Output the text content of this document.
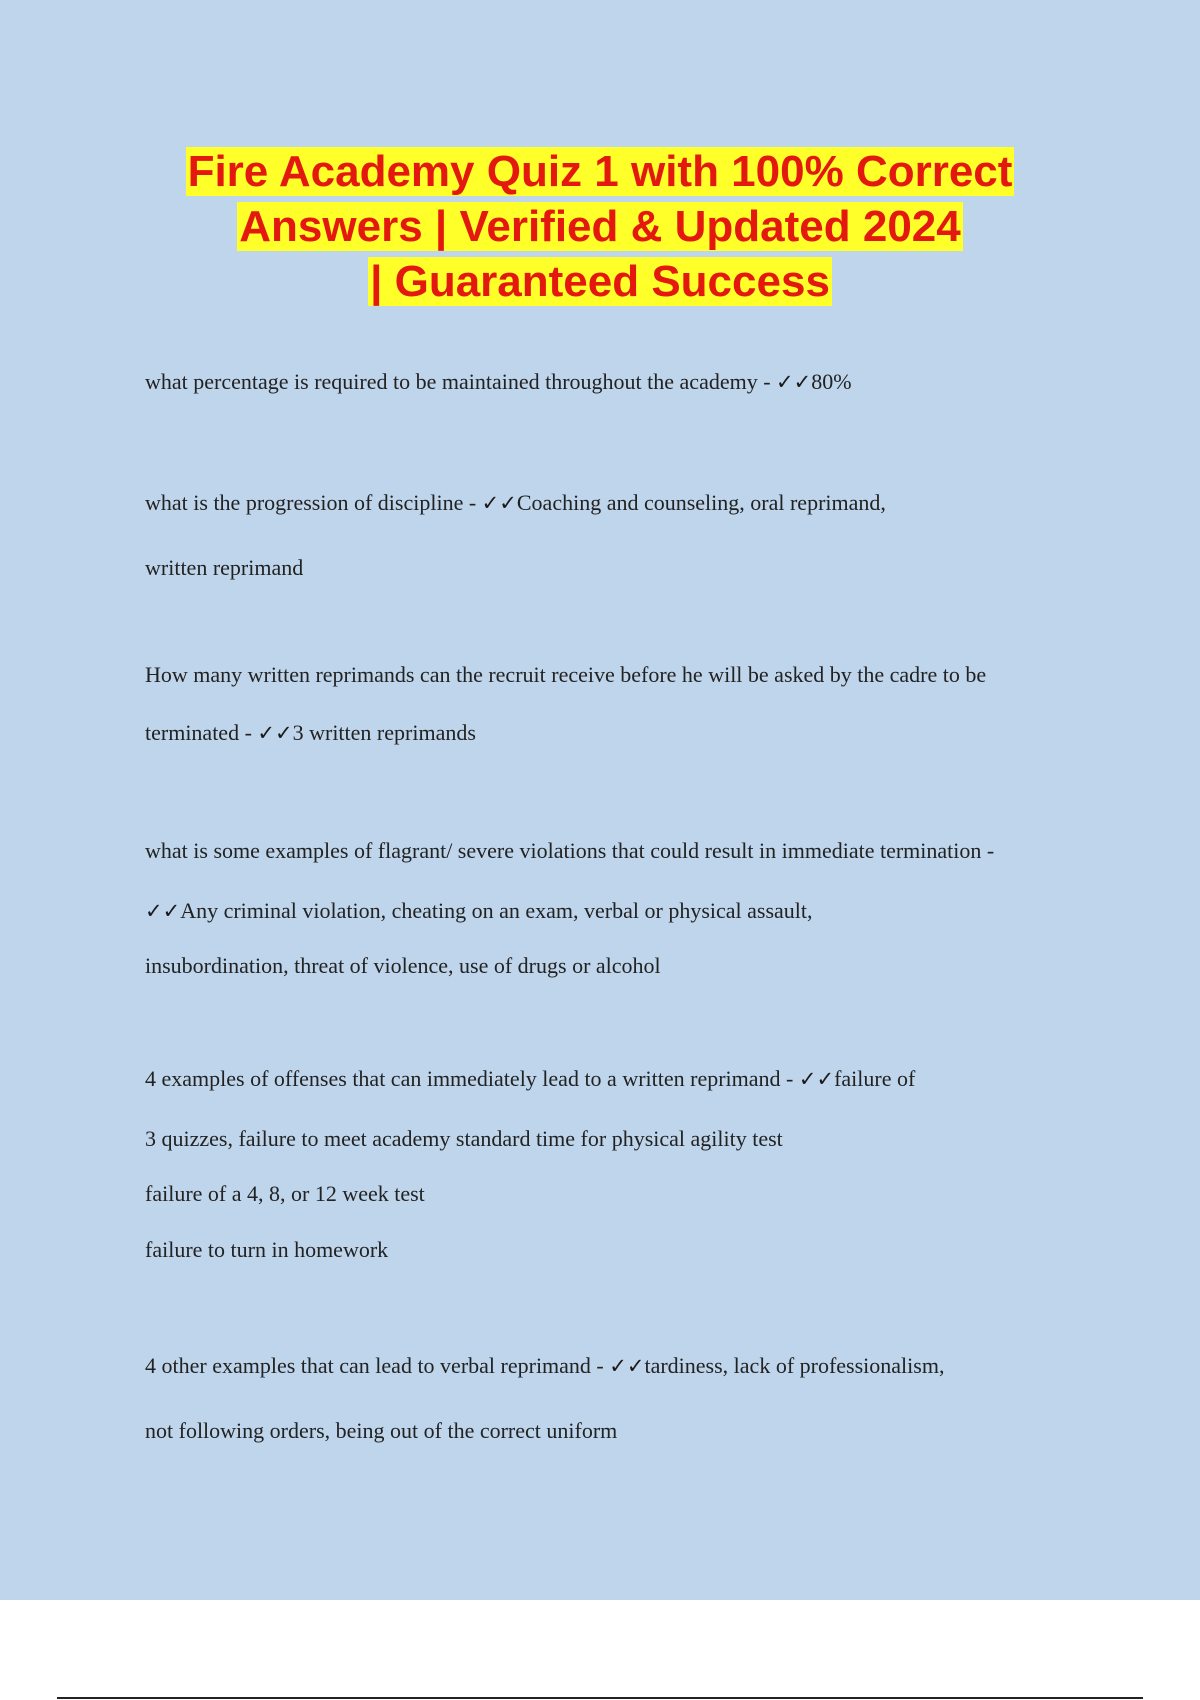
Fire Academy Quiz 1 with 100% Correct
Answers | Verified & Updated 2024
| Guaranteed Success
what percentage is required to be maintained throughout the academy - ✓✓80%
what is the progression of discipline - ✓✓Coaching and counseling, oral reprimand,
written reprimand
How many written reprimands can the recruit receive before he will be asked by the cadre to be
terminated - ✓✓3 written reprimands
what is some examples of flagrant/ severe violations that could result in immediate termination -
✓✓Any criminal violation, cheating on an exam, verbal or physical assault,
insubordination, threat of violence, use of drugs or alcohol
4 examples of offenses that can immediately lead to a written reprimand - ✓✓failure of
3 quizzes, failure to meet academy standard time for physical agility test
failure of a 4, 8, or 12 week test
failure to turn in homework
4 other examples that can lead to verbal reprimand - ✓✓tardiness, lack of professionalism,
not following orders, being out of the correct uniform
